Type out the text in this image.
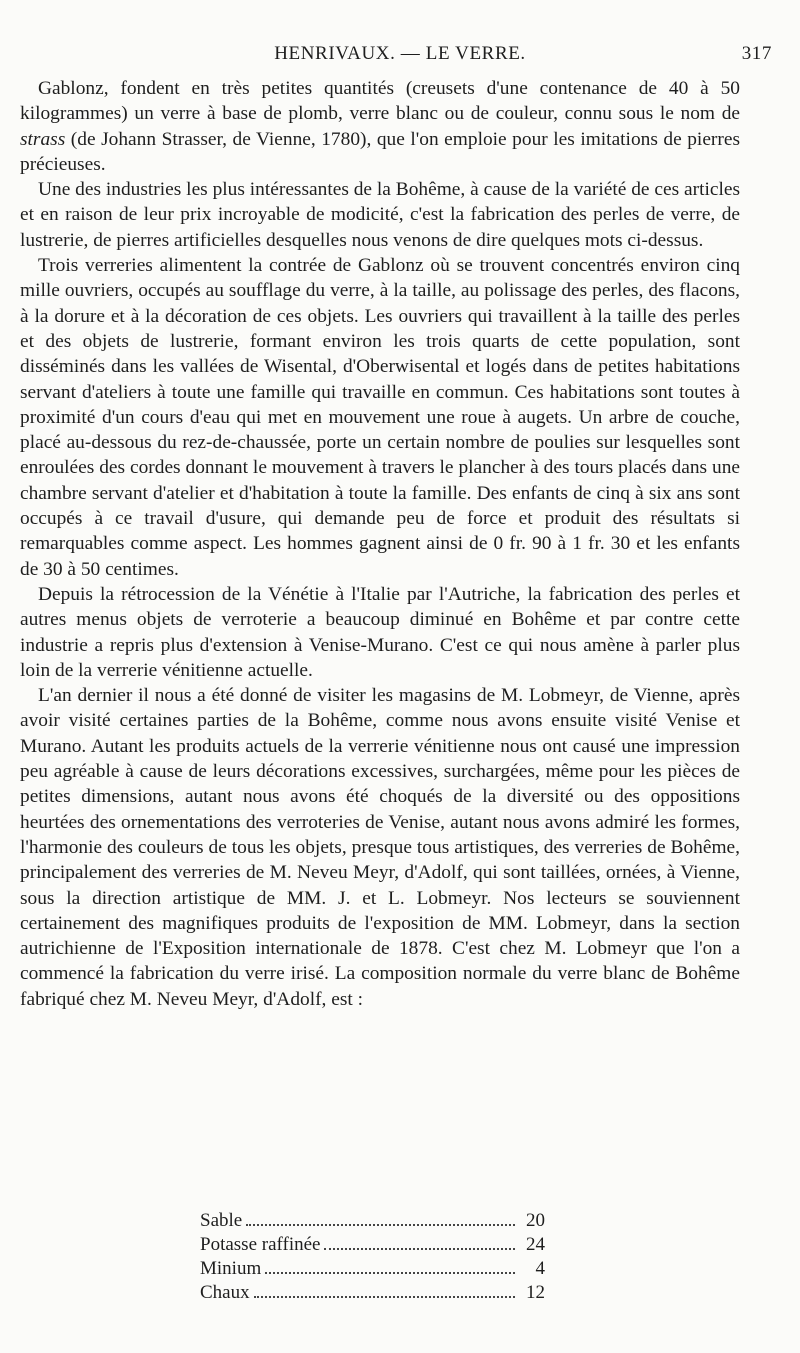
HENRIVAUX. — LE VERRE.	317

Gablonz, fondent en très petites quantités (creusets d'une contenance de 40 à 50 kilogrammes) un verre à base de plomb, verre blanc ou de couleur, connu sous le nom de strass (de Johann Strasser, de Vienne, 1780), que l'on emploie pour les imitations de pierres précieuses.

Une des industries les plus intéressantes de la Bohême, à cause de la variété de ces articles et en raison de leur prix incroyable de modicité, c'est la fabrication des perles de verre, de lustrerie, de pierres artificielles desquelles nous venons de dire quelques mots ci-dessus.

Trois verreries alimentent la contrée de Gablonz où se trouvent concentrés environ cinq mille ouvriers, occupés au soufflage du verre, à la taille, au polissage des perles, des flacons, à la dorure et à la décoration de ces objets. Les ouvriers qui travaillent à la taille des perles et des objets de lustrerie, formant environ les trois quarts de cette population, sont disséminés dans les vallées de Wisental, d'Oberwisental et logés dans de petites habitations servant d'ateliers à toute une famille qui travaille en commun. Ces habitations sont toutes à proximité d'un cours d'eau qui met en mouvement une roue à augets. Un arbre de couche, placé au-dessous du rez-de-chaussée, porte un certain nombre de poulies sur lesquelles sont enroulées des cordes donnant le mouvement à travers le plancher à des tours placés dans une chambre servant d'atelier et d'habitation à toute la famille. Des enfants de cinq à six ans sont occupés à ce travail d'usure, qui demande peu de force et produit des résultats si remarquables comme aspect. Les hommes gagnent ainsi de 0 fr. 90 à 1 fr. 30 et les enfants de 30 à 50 centimes.

Depuis la rétrocession de la Vénétie à l'Italie par l'Autriche, la fabrication des perles et autres menus objets de verroterie a beaucoup diminué en Bohême et par contre cette industrie a repris plus d'extension à Venise-Murano. C'est ce qui nous amène à parler plus loin de la verrerie vénitienne actuelle.

L'an dernier il nous a été donné de visiter les magasins de M. Lobmeyr, de Vienne, après avoir visité certaines parties de la Bohême, comme nous avons ensuite visité Venise et Murano. Autant les produits actuels de la verrerie vénitienne nous ont causé une impression peu agréable à cause de leurs décorations excessives, surchargées, même pour les pièces de petites dimensions, autant nous avons été choqués de la diversité ou des oppositions heurtées des ornementations des verroteries de Venise, autant nous avons admiré les formes, l'harmonie des couleurs de tous les objets, presque tous artistiques, des verreries de Bohême, principalement des verreries de M. Neveu Meyr, d'Adolf, qui sont taillées, ornées, à Vienne, sous la direction artistique de MM. J. et L. Lobmeyr. Nos lecteurs se souviennent certainement des magnifiques produits de l'exposition de MM. Lobmeyr, dans la section autrichienne de l'Exposition internationale de 1878. C'est chez M. Lobmeyr que l'on a commencé la fabrication du verre irisé. La composition normale du verre blanc de Bohême fabriqué chez M. Neveu Meyr, d'Adolf, est :

Sable	20
Potasse raffinée	24
Minium	4
Chaux	12
